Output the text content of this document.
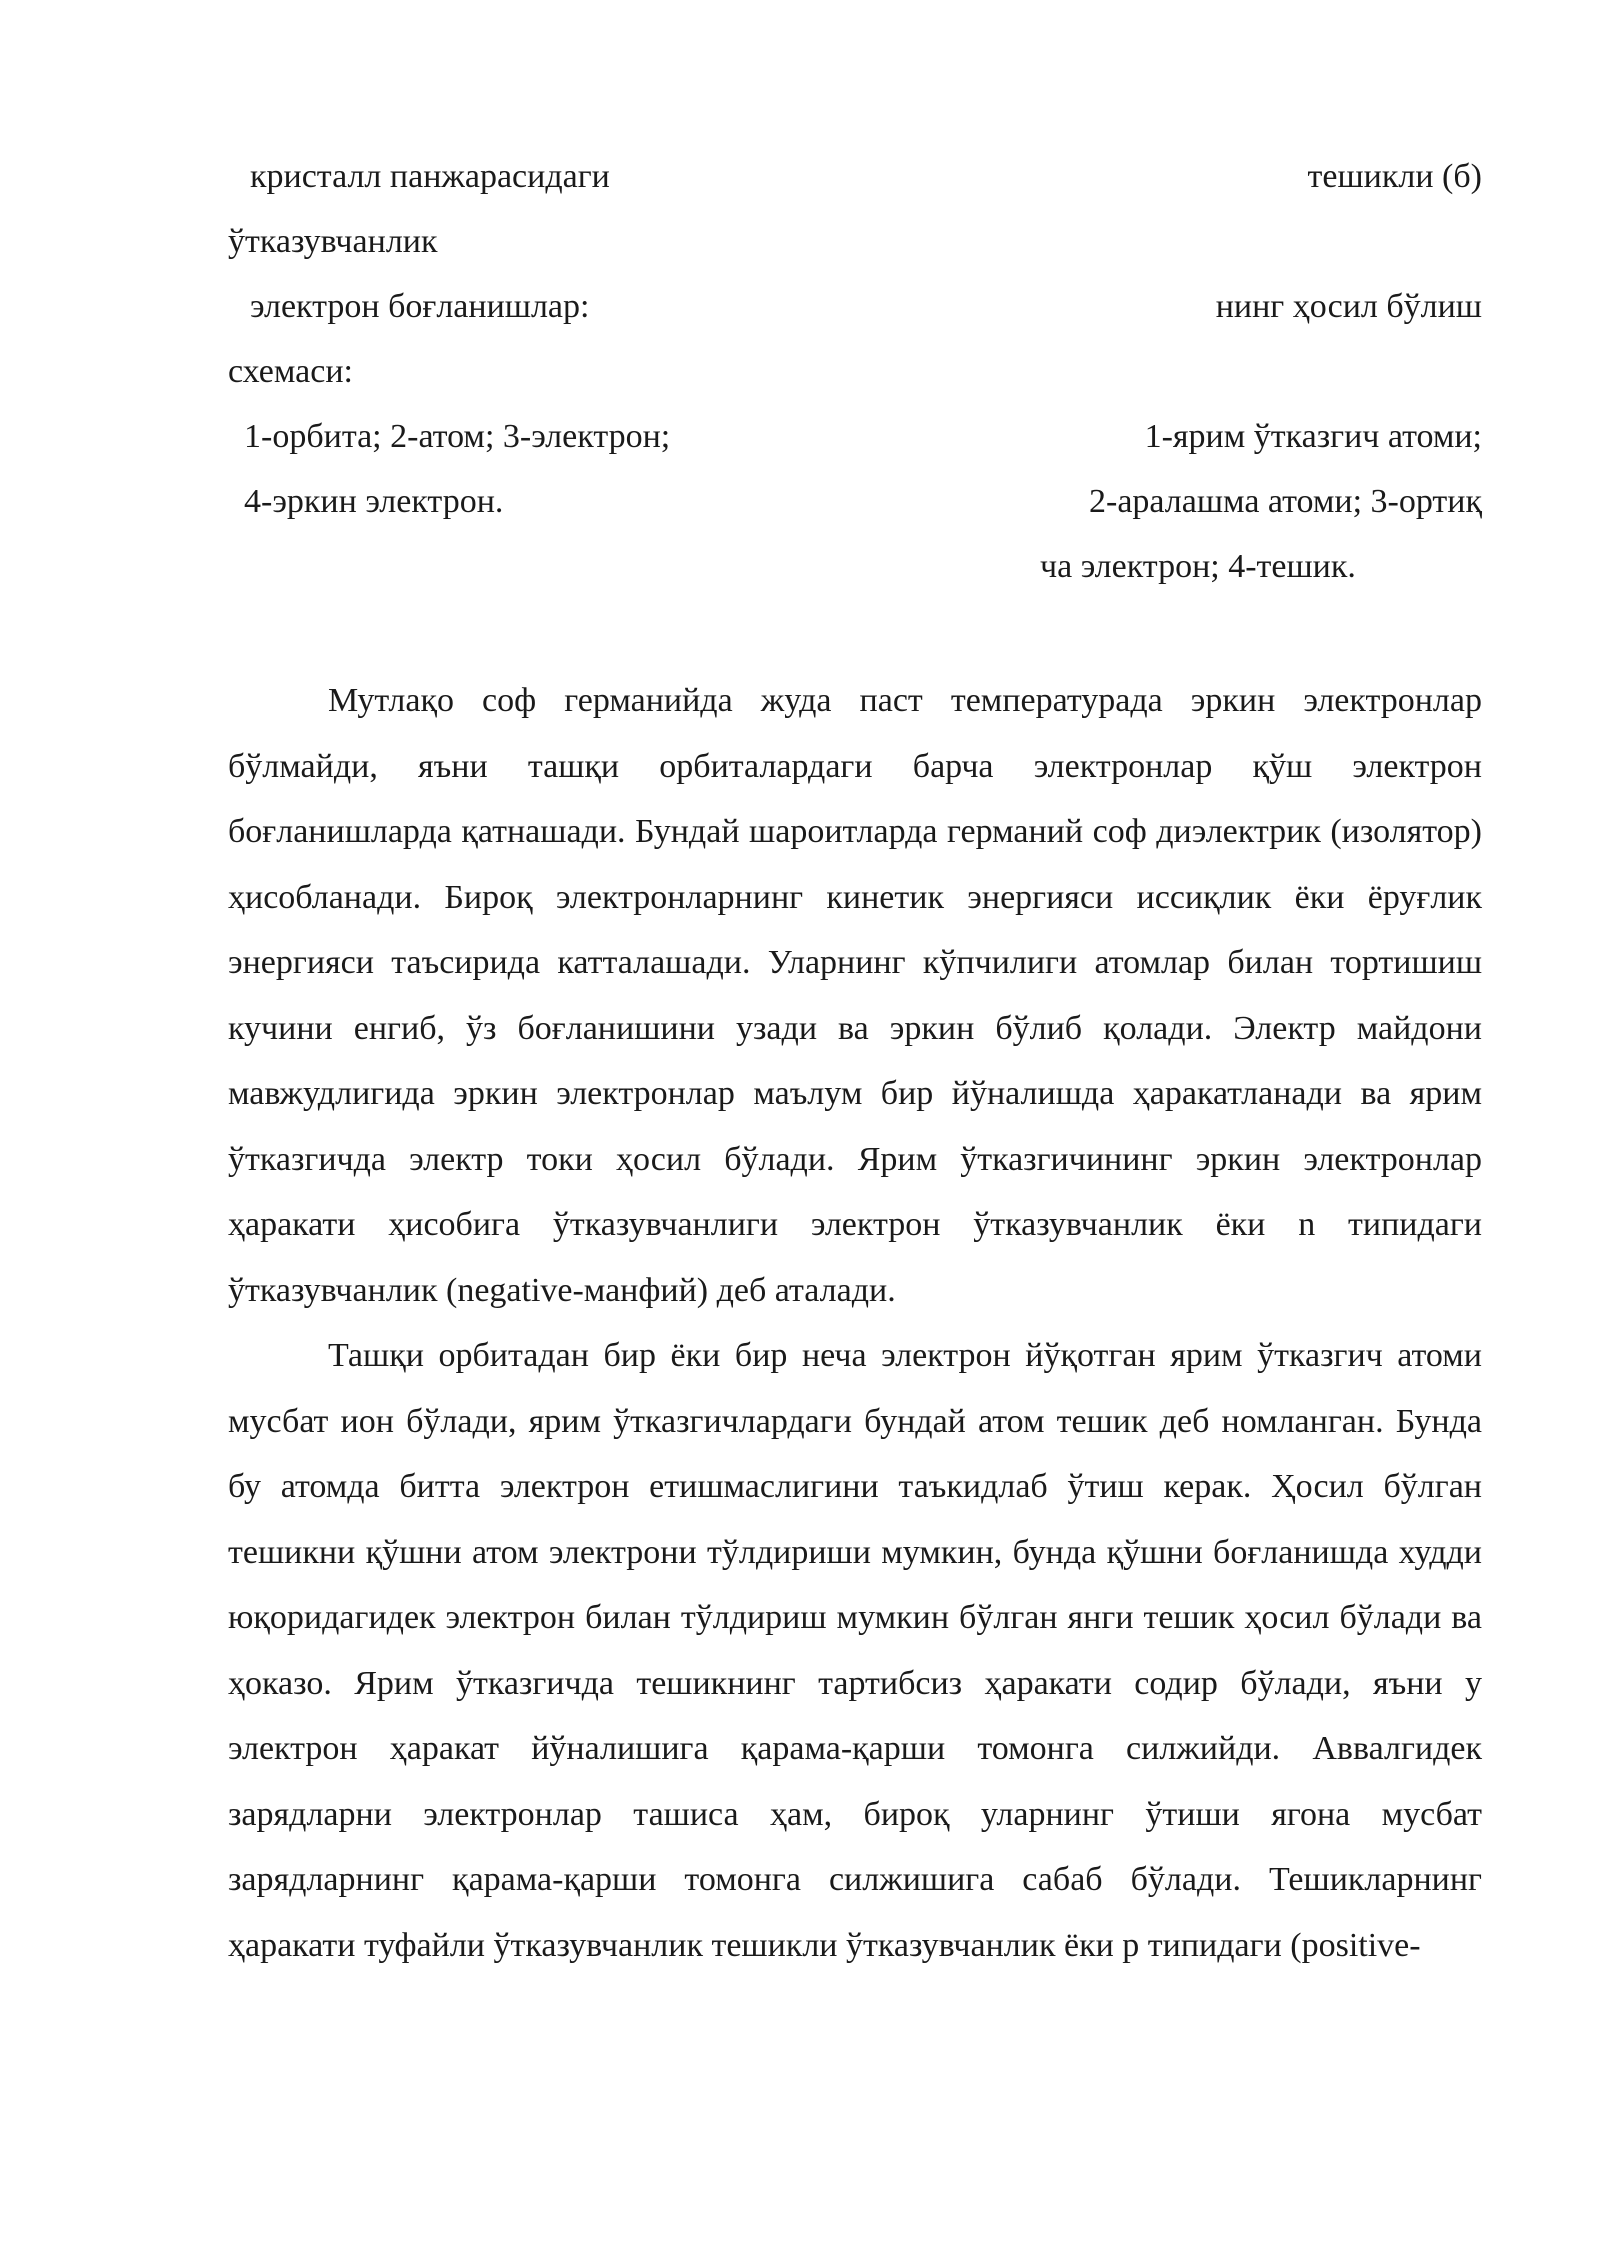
кристалл панжарасидаги
ўтказувчанлик
электрон боғланишлар:
схемаси:
1-орбита; 2-атом; 3-электрон;
4-эркин электрон.
тешикли (б)
нинг ҳосил бўлиш
1-ярим ўтказгич атоми;
2-аралашма атоми; 3-ортиқ
ча электрон; 4-тешик.

Мутлақо соф германийда жуда паст температурада эркин электронлар бўлмайди, яъни ташқи орбиталардаги барча электронлар қўш электрон боғланишларда қатнашади. Бундай шароитларда германий соф диэлектрик (изолятор) ҳисобланади. Бироқ электронларнинг кинетик энергияси иссиқлик ёки ёруғлик энергияси таъсирида катталашади. Уларнинг кўпчилиги атомлар билан тортишиш кучини енгиб, ўз боғланишини узади ва эркин бўлиб қолади. Электр майдони мавжудлигида эркин электронлар маълум бир йўналишда ҳаракатланади ва ярим ўтказгичда электр токи ҳосил бўлади. Ярим ўтказгичининг эркин электронлар ҳаракати ҳисобига ўтказувчанлиги электрон ўтказувчанлик ёки n типидаги ўтказувчанлик (negative-манфий) деб аталади.

Ташқи орбитадан бир ёки бир неча электрон йўқотган ярим ўтказгич атоми мусбат ион бўлади, ярим ўтказгичлардаги бундай атом тешик деб номланган. Бунда бу атомда битта электрон етишмаслигини таъкидлаб ўтиш керак. Ҳосил бўлган тешикни қўшни атом электрони тўлдириши мумкин, бунда қўшни боғланишда худди юқоридагидек электрон билан тўлдириш мумкин бўлган янги тешик ҳосил бўлади ва ҳоказо. Ярим ўтказгичда тешикнинг тартибсиз ҳаракати содир бўлади, яъни у электрон ҳаракат йўналишига қарама-қарши томонга силжийди. Аввалгидек зарядларни электронлар ташиса ҳам, бироқ уларнинг ўтиши ягона мусбат зарядларнинг қарама-қарши томонга силжишига сабаб бўлади. Тешикларнинг ҳаракати туфайли ўтказувчанлик тешикли ўтказувчанлик ёки p типидаги (positive-
